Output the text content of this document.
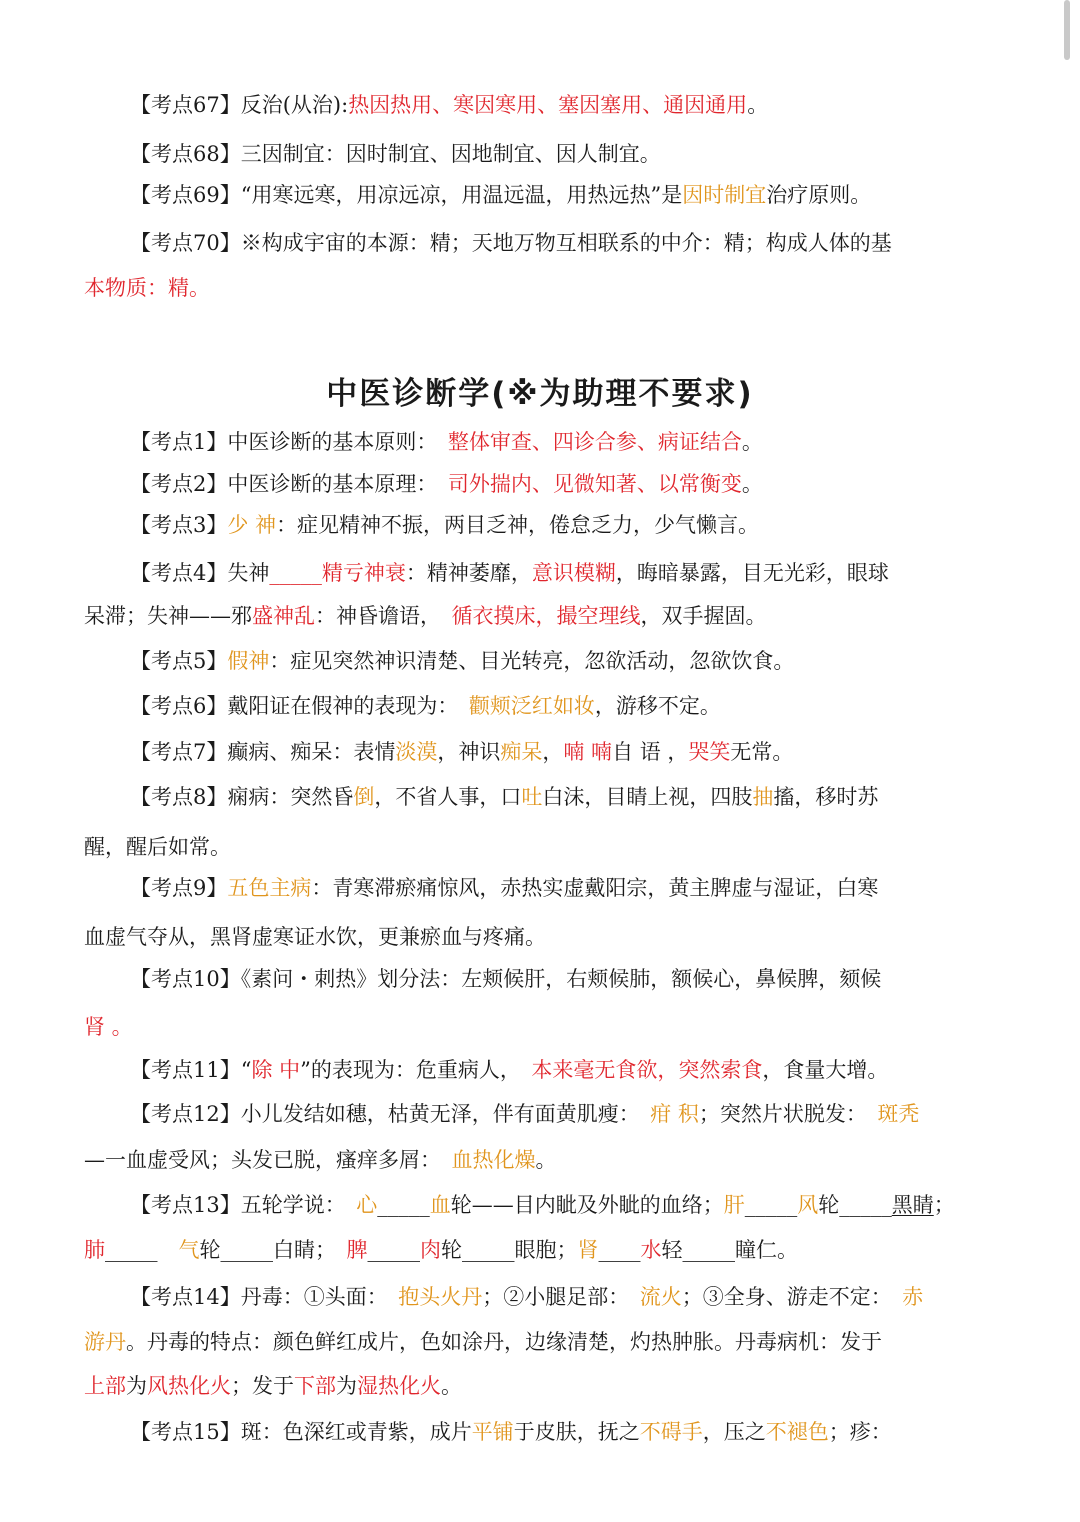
【考点67】反治(从治):热因热用、寒因寒用、塞因塞用、通因通用。
【考点68】三因制宜：因时制宜、因地制宜、因人制宜。
【考点69】“用寒远寒，用凉远凉，用温远温，用热远热”是因时制宜治疗原则。
【考点70】※构成宇宙的本源：精；天地万物互相联系的中介：精；构成人体的基
本物质：精。
中医诊断学(※为助理不要求)
【考点1】中医诊断的基本原则：　整体审查、四诊合参、病证结合。
【考点2】中医诊断的基本原理：　司外揣内、见微知著、以常衡变。
【考点3】少 神：症见精神不振，两目乏神，倦怠乏力，少气懒言。
【考点4】失神_____精亏神衰：精神萎靡，意识模糊，晦暗暴露，目无光彩，眼球
呆滞；失神——邪盛神乱：神昏谵语，　循衣摸床，撮空理线，双手握固。
【考点5】假神：症见突然神识清楚、目光转亮，忽欲活动，忽欲饮食。
【考点6】戴阳证在假神的表现为：　颧颊泛红如妆，游移不定。
【考点7】癫病、痴呆：表情淡漠，神识痴呆，喃 喃自 语 ，哭笑无常。
【考点8】痫病：突然昏倒，不省人事，口吐白沫，目睛上视，四肢抽搐，移时苏
醒，醒后如常。
【考点9】五色主病：青寒滞瘀痛惊风，赤热实虚戴阳宗，黄主脾虚与湿证，白寒
血虚气夺从，黑肾虚寒证水饮，更兼瘀血与疼痛。
【考点10】《素问・刺热》划分法：左颊候肝，右颊候肺，额候心，鼻候脾，颏候
肾 。
【考点11】“除 中”的表现为：危重病人，　本来毫无食欲，突然索食，食量大增。
【考点12】小儿发结如穗，枯黄无泽，伴有面黄肌瘦：　疳 积；突然片状脱发：　斑秃
—一血虚受风；头发已脱，瘙痒多屑：　血热化燥。
【考点13】五轮学说：　心_____血轮——目内眦及外眦的血络；肝_____风轮_____黑睛；
肺_____　气轮_____白睛；　脾_____肉轮_____眼胞；肾____水轻_____瞳仁。
【考点14】丹毒：①头面：　抱头火丹；②小腿足部：　流火；③全身、游走不定：　赤
游丹。丹毒的特点：颜色鲜红成片，色如涂丹，边缘清楚，灼热肿胀。丹毒病机：发于
上部为风热化火；发于下部为湿热化火。
【考点15】斑：色深红或青紫，成片平铺于皮肤，抚之不碍手，压之不褪色；疹：
